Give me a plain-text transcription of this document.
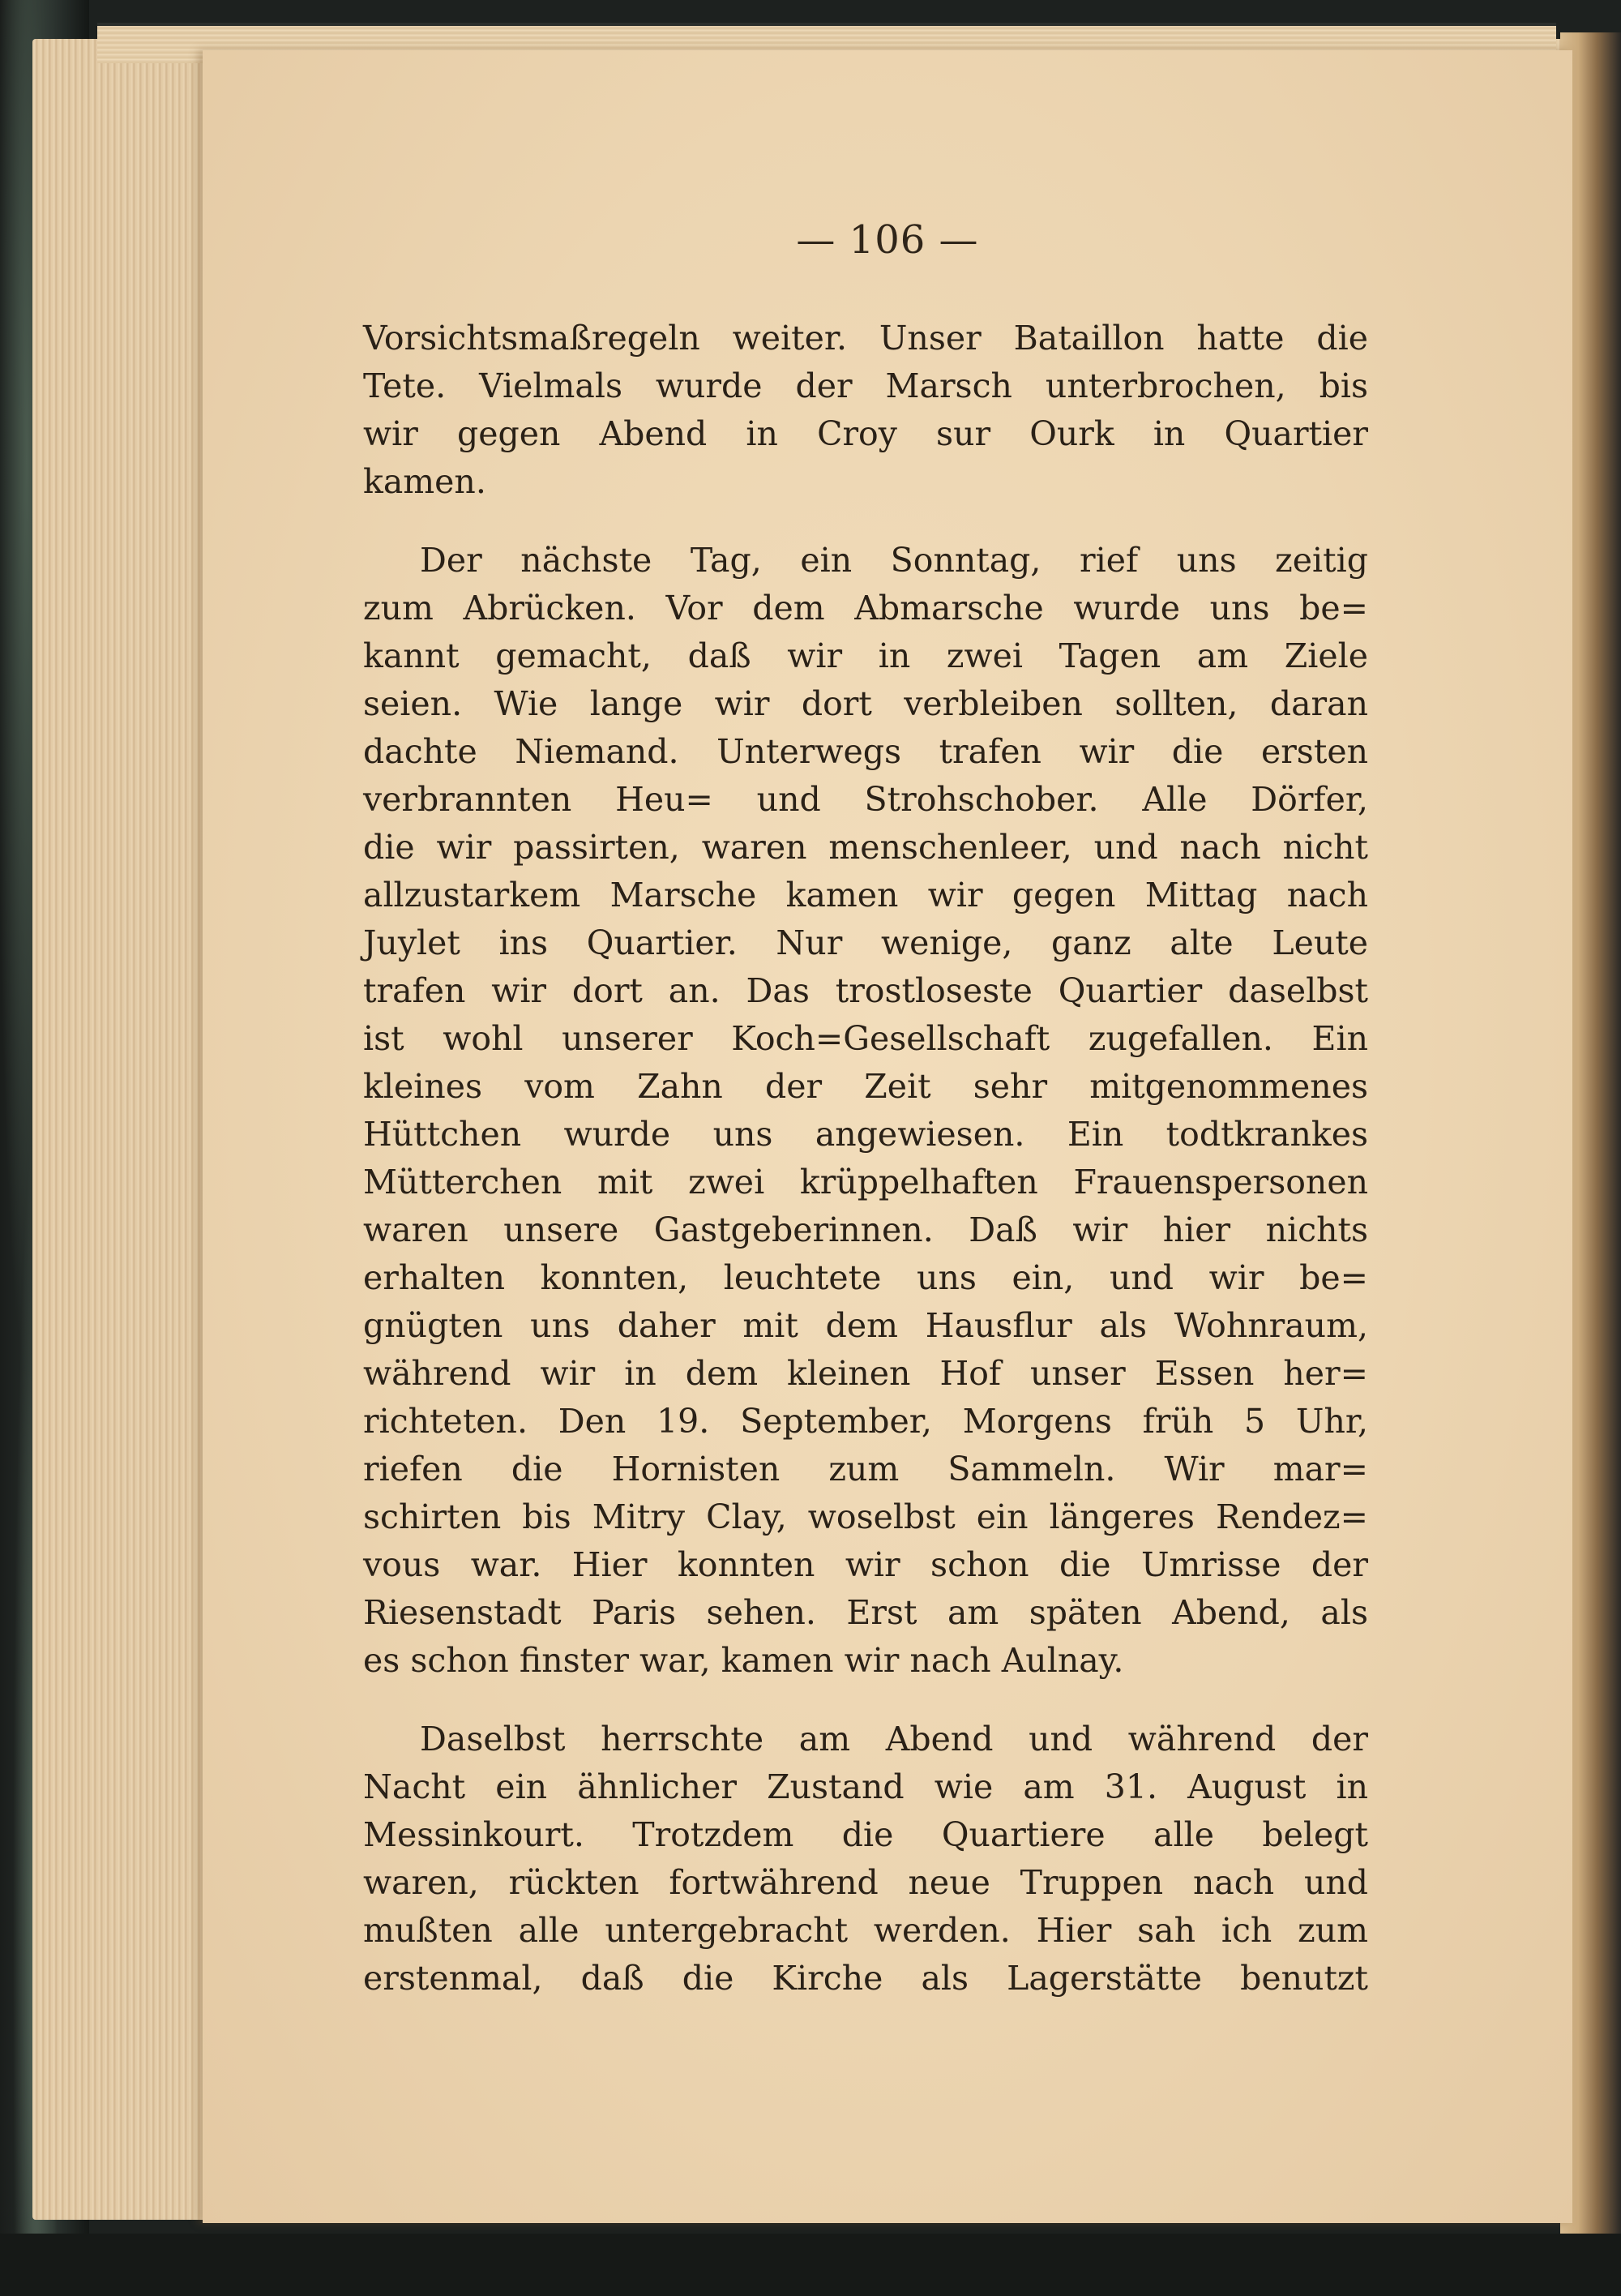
— 106 —
Vorsichtsmaßregeln weiter. Unser Bataillon hatte die
Tete. Vielmals wurde der Marsch unterbrochen, bis
wir gegen Abend in Croy sur Ourk in Quartier
kamen.
Der nächste Tag, ein Sonntag, rief uns zeitig
zum Abrücken. Vor dem Abmarsche wurde uns be=
kannt gemacht, daß wir in zwei Tagen am Ziele
seien. Wie lange wir dort verbleiben sollten, daran
dachte Niemand. Unterwegs trafen wir die ersten
verbrannten Heu= und Strohschober. Alle Dörfer,
die wir passirten, waren menschenleer, und nach nicht
allzustarkem Marsche kamen wir gegen Mittag nach
Juylet ins Quartier. Nur wenige, ganz alte Leute
trafen wir dort an. Das trostloseste Quartier daselbst
ist wohl unserer Koch=Gesellschaft zugefallen. Ein
kleines vom Zahn der Zeit sehr mitgenommenes
Hüttchen wurde uns angewiesen. Ein todtkrankes
Mütterchen mit zwei krüppelhaften Frauenspersonen
waren unsere Gastgeberinnen. Daß wir hier nichts
erhalten konnten, leuchtete uns ein, und wir be=
gnügten uns daher mit dem Hausflur als Wohnraum,
während wir in dem kleinen Hof unser Essen her=
richteten. Den 19. September, Morgens früh 5 Uhr,
riefen die Hornisten zum Sammeln. Wir mar=
schirten bis Mitry Clay, woselbst ein längeres Rendez=
vous war. Hier konnten wir schon die Umrisse der
Riesenstadt Paris sehen. Erst am späten Abend, als
es schon finster war, kamen wir nach Aulnay.
Daselbst herrschte am Abend und während der
Nacht ein ähnlicher Zustand wie am 31. August in
Messinkourt. Trotzdem die Quartiere alle belegt
waren, rückten fortwährend neue Truppen nach und
mußten alle untergebracht werden. Hier sah ich zum
erstenmal, daß die Kirche als Lagerstätte benutzt
